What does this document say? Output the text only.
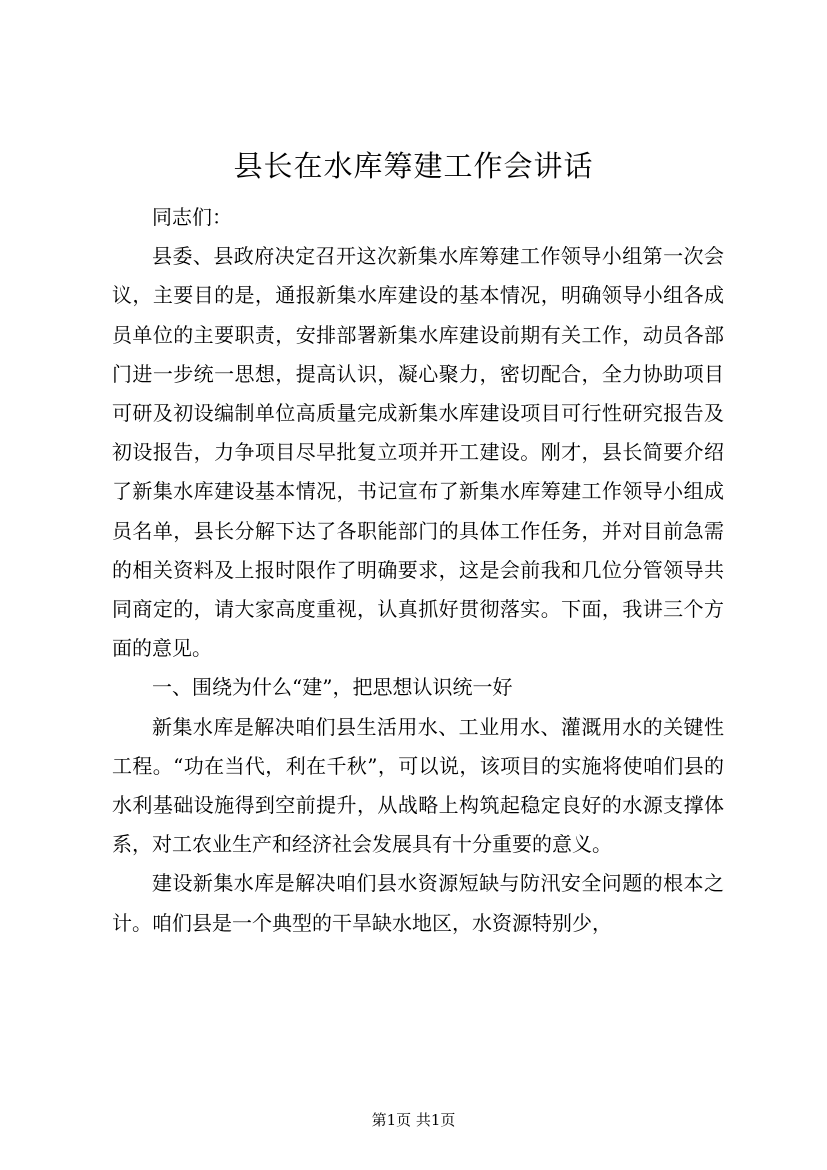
县长在水库筹建工作会讲话

同志们：

县委、县政府决定召开这次新集水库筹建工作领导小组第一次会议，主要目的是，通报新集水库建设的基本情况，明确领导小组各成员单位的主要职责，安排部署新集水库建设前期有关工作，动员各部门进一步统一思想，提高认识，凝心聚力，密切配合，全力协助项目可研及初设编制单位高质量完成新集水库建设项目可行性研究报告及初设报告，力争项目尽早批复立项并开工建设。刚才，县长简要介绍了新集水库建设基本情况，书记宣布了新集水库筹建工作领导小组成员名单，县长分解下达了各职能部门的具体工作任务，并对目前急需的相关资料及上报时限作了明确要求，这是会前我和几位分管领导共同商定的，请大家高度重视，认真抓好贯彻落实。下面，我讲三个方面的意见。

一、围绕为什么“建”，把思想认识统一好

新集水库是解决咱们县生活用水、工业用水、灌溉用水的关键性工程。“功在当代，利在千秋”，可以说，该项目的实施将使咱们县的水利基础设施得到空前提升，从战略上构筑起稳定良好的水源支撑体系，对工农业生产和经济社会发展具有十分重要的意义。

建设新集水库是解决咱们县水资源短缺与防汛安全问题的根本之计。咱们县是一个典型的干旱缺水地区，水资源特别少，

第1页 共1页
